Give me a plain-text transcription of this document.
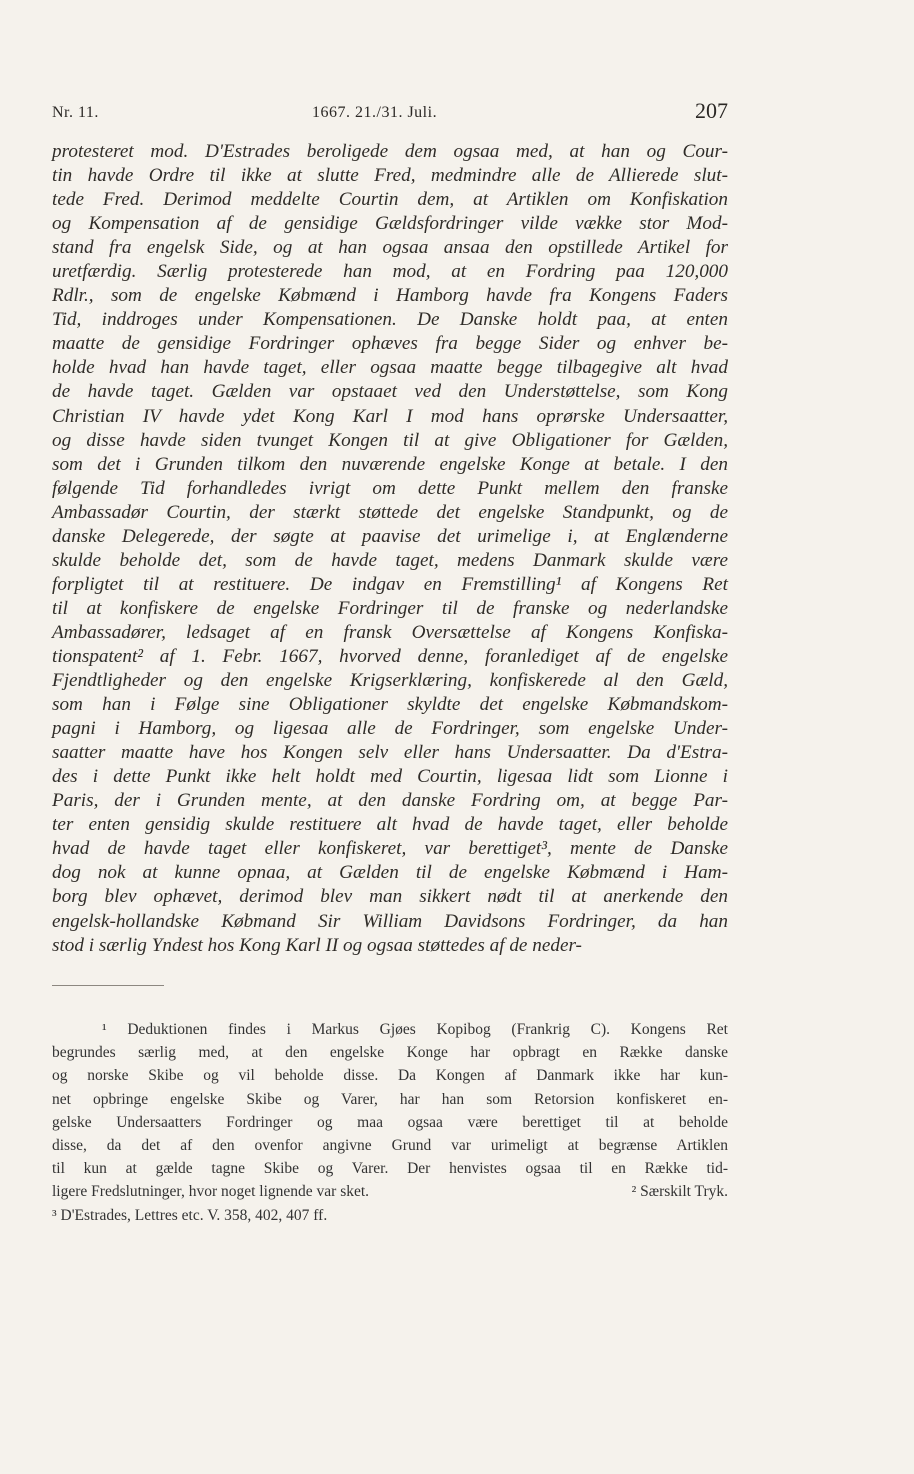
Nr. 11.	1667. 21./31. Juli.	207
protesteret mod. D'Estrades beroligede dem ogsaa med, at han og Cour-
tin havde Ordre til ikke at slutte Fred, medmindre alle de Allierede slut-
tede Fred. Derimod meddelte Courtin dem, at Artiklen om Konfiskation
og Kompensation af de gensidige Gældsfordringer vilde vække stor Mod-
stand fra engelsk Side, og at han ogsaa ansaa den opstillede Artikel for
uretfærdig. Særlig protesterede han mod, at en Fordring paa 120,000
Rdlr., som de engelske Købmænd i Hamborg havde fra Kongens Faders
Tid, inddroges under Kompensationen. De Danske holdt paa, at enten
maatte de gensidige Fordringer ophæves fra begge Sider og enhver be-
holde hvad han havde taget, eller ogsaa maatte begge tilbagegive alt hvad
de havde taget. Gælden var opstaaet ved den Understøttelse, som Kong
Christian IV havde ydet Kong Karl I mod hans oprørske Undersaatter,
og disse havde siden tvunget Kongen til at give Obligationer for Gælden,
som det i Grunden tilkom den nuværende engelske Konge at betale. I den
følgende Tid forhandledes ivrigt om dette Punkt mellem den franske
Ambassadør Courtin, der stærkt støttede det engelske Standpunkt, og de
danske Delegerede, der søgte at paavise det urimelige i, at Englænderne
skulde beholde det, som de havde taget, medens Danmark skulde være
forpligtet til at restituere. De indgav en Fremstilling¹ af Kongens Ret
til at konfiskere de engelske Fordringer til de franske og nederlandske
Ambassadører, ledsaget af en fransk Oversættelse af Kongens Konfiska-
tionspatent² af 1. Febr. 1667, hvorved denne, foranlediget af de engelske
Fjendtligheder og den engelske Krigserklæring, konfiskerede al den Gæld,
som han i Følge sine Obligationer skyldte det engelske Købmandskom-
pagni i Hamborg, og ligesaa alle de Fordringer, som engelske Under-
saatter maatte have hos Kongen selv eller hans Undersaatter. Da d'Estra-
des i dette Punkt ikke helt holdt med Courtin, ligesaa lidt som Lionne i
Paris, der i Grunden mente, at den danske Fordring om, at begge Par-
ter enten gensidig skulde restituere alt hvad de havde taget, eller beholde
hvad de havde taget eller konfiskeret, var berettiget³, mente de Danske
dog nok at kunne opnaa, at Gælden til de engelske Købmænd i Ham-
borg blev ophævet, derimod blev man sikkert nødt til at anerkende den
engelsk-hollandske Købmand Sir William Davidsons Fordringer, da han
stod i særlig Yndest hos Kong Karl II og ogsaa støttedes af de neder-
¹ Deduktionen findes i Markus Gjøes Kopibog (Frankrig C). Kongens Ret
begrundes særlig med, at den engelske Konge har opbragt en Række danske
og norske Skibe og vil beholde disse. Da Kongen af Danmark ikke har kun-
net opbringe engelske Skibe og Varer, har han som Retorsion konfiskeret en-
gelske Undersaatters Fordringer og maa ogsaa være berettiget til at beholde
disse, da det af den ovenfor angivne Grund var urimeligt at begrænse Artiklen
til kun at gælde tagne Skibe og Varer. Der henvistes ogsaa til en Række tid-
ligere Fredslutninger, hvor noget lignende var sket.	² Særskilt Tryk.
³ D'Estrades, Lettres etc. V. 358, 402, 407 ff.
